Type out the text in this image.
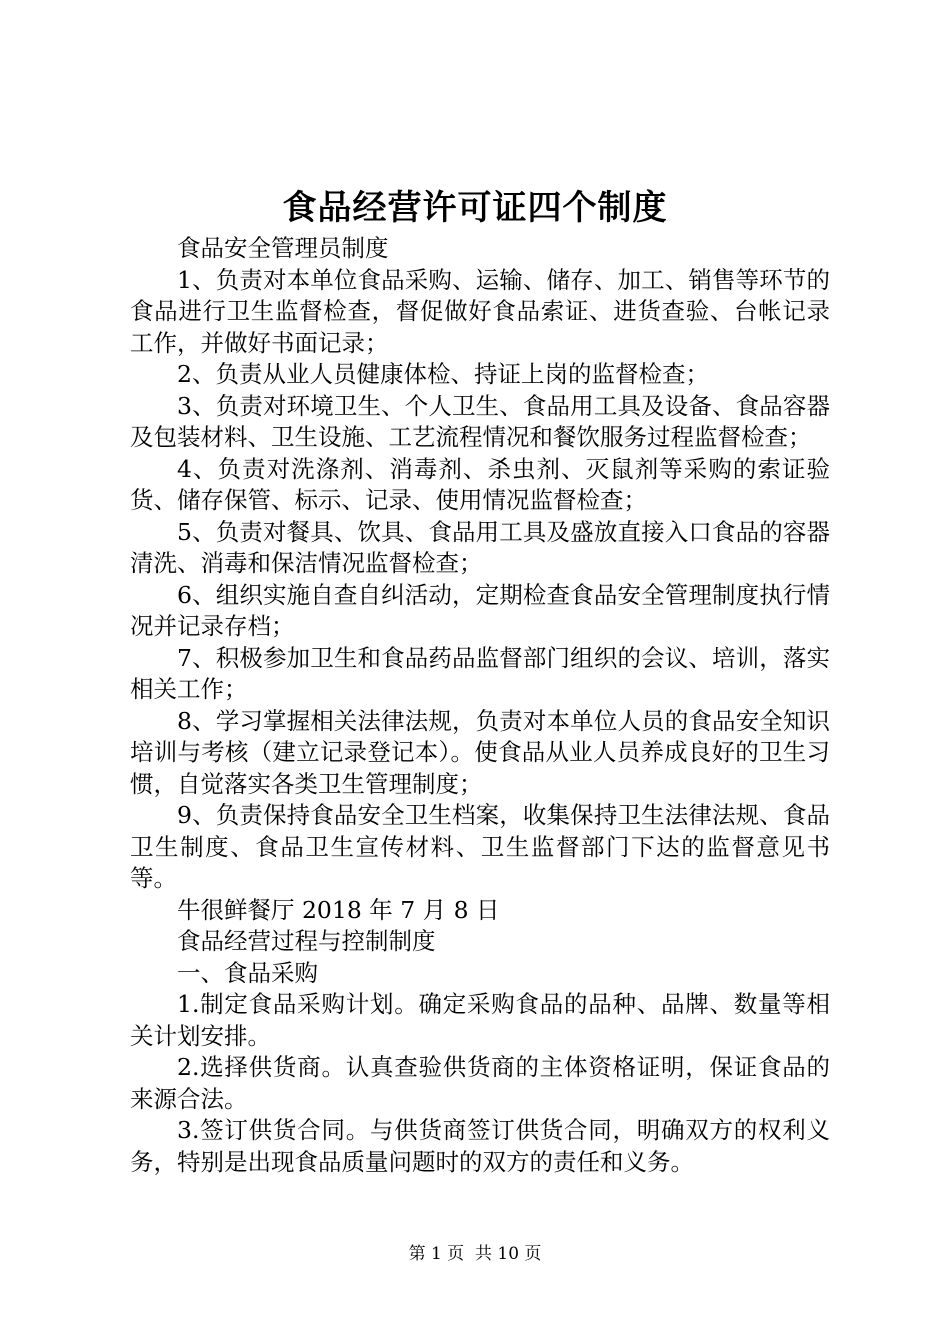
食品经营许可证四个制度

食品安全管理员制度

1、负责对本单位食品采购、运输、储存、加工、销售等环节的食品进行卫生监督检查，督促做好食品索证、进货查验、台帐记录工作，并做好书面记录；

2、负责从业人员健康体检、持证上岗的监督检查；

3、负责对环境卫生、个人卫生、食品用工具及设备、食品容器及包装材料、卫生设施、工艺流程情况和餐饮服务过程监督检查；

4、负责对洗涤剂、消毒剂、杀虫剂、灭鼠剂等采购的索证验货、储存保管、标示、记录、使用情况监督检查；

5、负责对餐具、饮具、食品用工具及盛放直接入口食品的容器清洗、消毒和保洁情况监督检查；

6、组织实施自查自纠活动，定期检查食品安全管理制度执行情况并记录存档；

7、积极参加卫生和食品药品监督部门组织的会议、培训，落实相关工作；

8、学习掌握相关法律法规，负责对本单位人员的食品安全知识培训与考核（建立记录登记本）。使食品从业人员养成良好的卫生习惯，自觉落实各类卫生管理制度；

9、负责保持食品安全卫生档案，收集保持卫生法律法规、食品卫生制度、食品卫生宣传材料、卫生监督部门下达的监督意见书等。

牛很鲜餐厅 2018 年 7 月 8 日

食品经营过程与控制制度

一、食品采购

1.制定食品采购计划。确定采购食品的品种、品牌、数量等相关计划安排。

2.选择供货商。认真查验供货商的主体资格证明，保证食品的来源合法。

3.签订供货合同。与供货商签订供货合同，明确双方的权利义务，特别是出现食品质量问题时的双方的责任和义务。

第 1 页  共 10 页
